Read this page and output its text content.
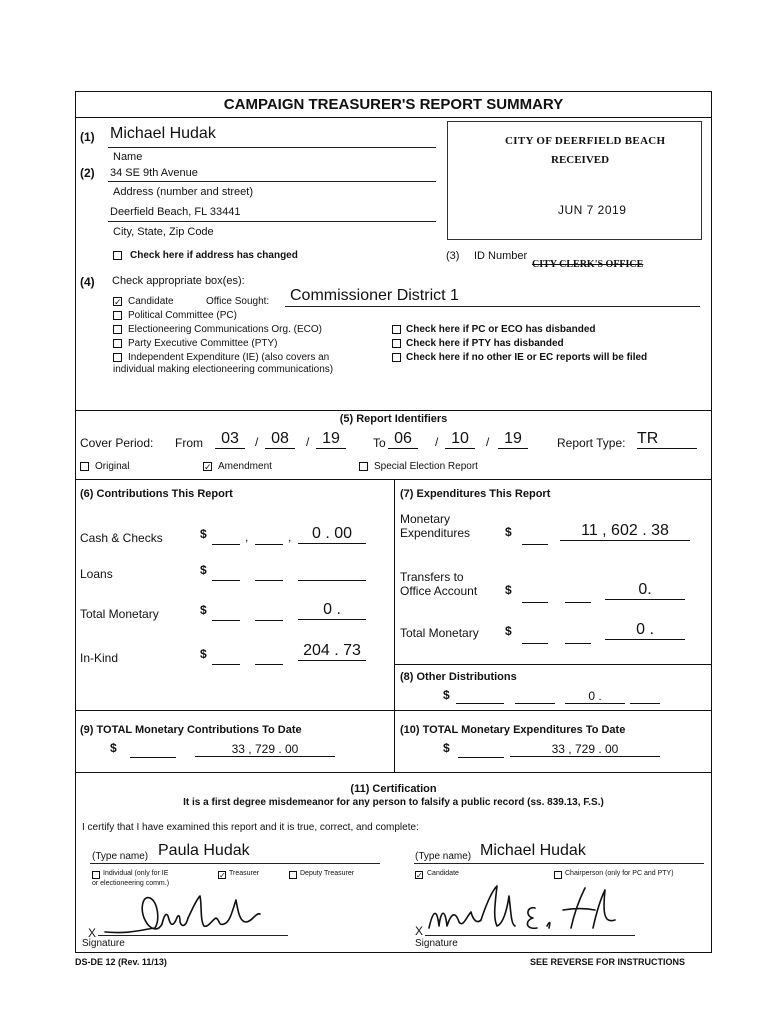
CAMPAIGN TREASURER'S REPORT SUMMARY
(1) Michael Hudak
Name
(2) 34 SE 9th Avenue
Address (number and street)
Deerfield Beach, FL 33441
City, State, Zip Code
Check here if address has changed
CITY OF DEERFIELD BEACH
RECEIVED
JUN 7 2019
CITY CLERK'S OFFICE
(3) ID Number
(4) Check appropriate box(es):
✓ Candidate	Office Sought: Commissioner District 1
Political Committee (PC)
Electioneering Communications Org. (ECO)
Party Executive Committee (PTY)
Independent Expenditure (IE) (also covers an
individual making electioneering communications)
Check here if PC or ECO has disbanded
Check here if PTY has disbanded
Check here if no other IE or EC reports will be filed
(5) Report Identifiers
Cover Period: From	03	/ 08	/ 19	To 06	/ 10	/ 19	Report Type: TR
Original	✓ Amendment	Special Election Report
(6) Contributions This Report
Cash & Checks	$	,	,	0 . 00
Loans	$
Total Monetary	$	0 .
In-Kind	$	204 . 73
(7) Expenditures This Report
Monetary
Expenditures	$	11 , 602 . 38
Transfers to
Office Account $	0.
Total Monetary $	0 .
(8) Other Distributions
$	0 .
(9) TOTAL Monetary Contributions To Date
$	33 , 729 . 00
(10) TOTAL Monetary Expenditures To Date
$	33 , 729 . 00
(11) Certification
It is a first degree misdemeanor for any person to falsify a public record (ss. 839.13, F.S.)
I certify that I have examined this report and it is true, correct, and complete:
(Type name) Paula Hudak
Individual (only for IE
or electioneering comm.)
✓ Treasurer	Deputy Treasurer
X
Signature
(Type name) Michael Hudak
✓ Candidate	Chairperson (only for PC and PTY)
X
Signature
DS-DE 12 (Rev. 11/13)	SEE REVERSE FOR INSTRUCTIONS
